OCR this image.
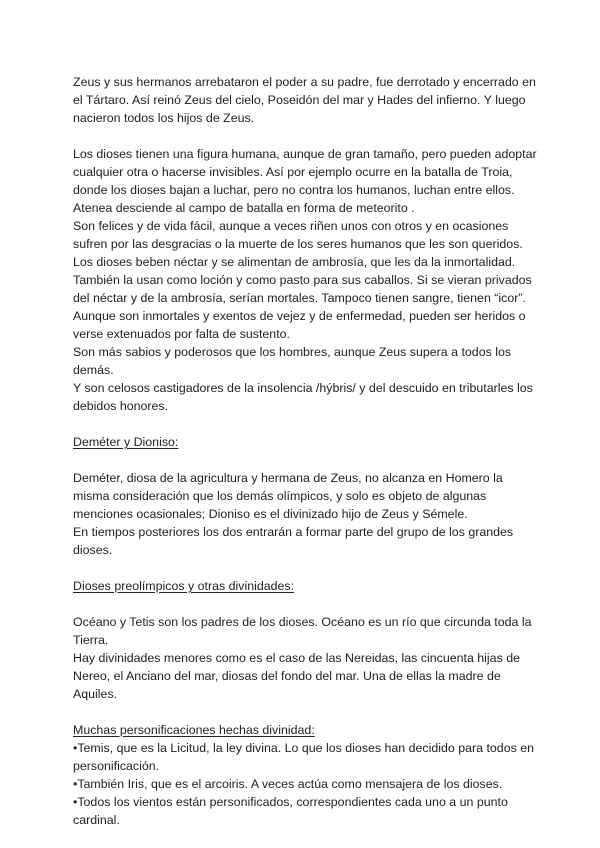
Zeus y sus hermanos arrebataron el poder a su padre, fue derrotado y encerrado en
el Tártaro. Así reinó Zeus del cielo, Poseidón del mar y Hades del infierno. Y luego
nacieron todos los hijos de Zeus.

Los dioses tienen una figura humana, aunque de gran tamaño, pero pueden adoptar
cualquier otra o hacerse invisibles. Así por ejemplo ocurre en la batalla de Troia,
donde los dioses bajan a luchar, pero no contra los humanos, luchan entre ellos.
Atenea desciende al campo de batalla en forma de meteorito .

Son felices y de vida fácil, aunque a veces riñen unos con otros y en ocasiones
sufren por las desgracias o la muerte de los seres humanos que les son queridos.

Los dioses beben néctar y se alimentan de ambrosía, que les da la inmortalidad.
También la usan como loción y como pasto para sus caballos. Si se vieran privados
del néctar y de la ambrosía, serían mortales. Tampoco tienen sangre, tienen “icor”.

Aunque son inmortales y exentos de vejez y de enfermedad, pueden ser heridos o
verse extenuados por falta de sustento.

Son más sabios y poderosos que los hombres, aunque Zeus supera a todos los
demás.

Y son celosos castigadores de la insolencia /hýbris/ y del descuido en tributarles los
debidos honores.

Deméter y Dioniso:

Deméter, diosa de la agricultura y hermana de Zeus, no alcanza en Homero la
misma consideración que los demás olímpicos, y solo es objeto de algunas
menciones ocasionales; Dioniso es el divinizado hijo de Zeus y Sémele.

En tiempos posteriores los dos entrarán a formar parte del grupo de los grandes
dioses.

Dioses preolímpicos y otras divinidades:

Océano y Tetis son los padres de los dioses. Océano es un río que circunda toda la
Tierra.

Hay divinidades menores como es el caso de las Nereidas, las cincuenta hijas de
Nereo, el Anciano del mar, diosas del fondo del mar. Una de ellas la madre de
Aquiles.

Muchas personificaciones hechas divinidad:

•Temis, que es la Licitud, la ley divina. Lo que los dioses han decidido para todos en
personificación.

•También Iris, que es el arcoiris. A veces actúa como mensajera de los dioses.

•Todos los vientos están personificados, correspondientes cada uno a un punto
cardinal.
